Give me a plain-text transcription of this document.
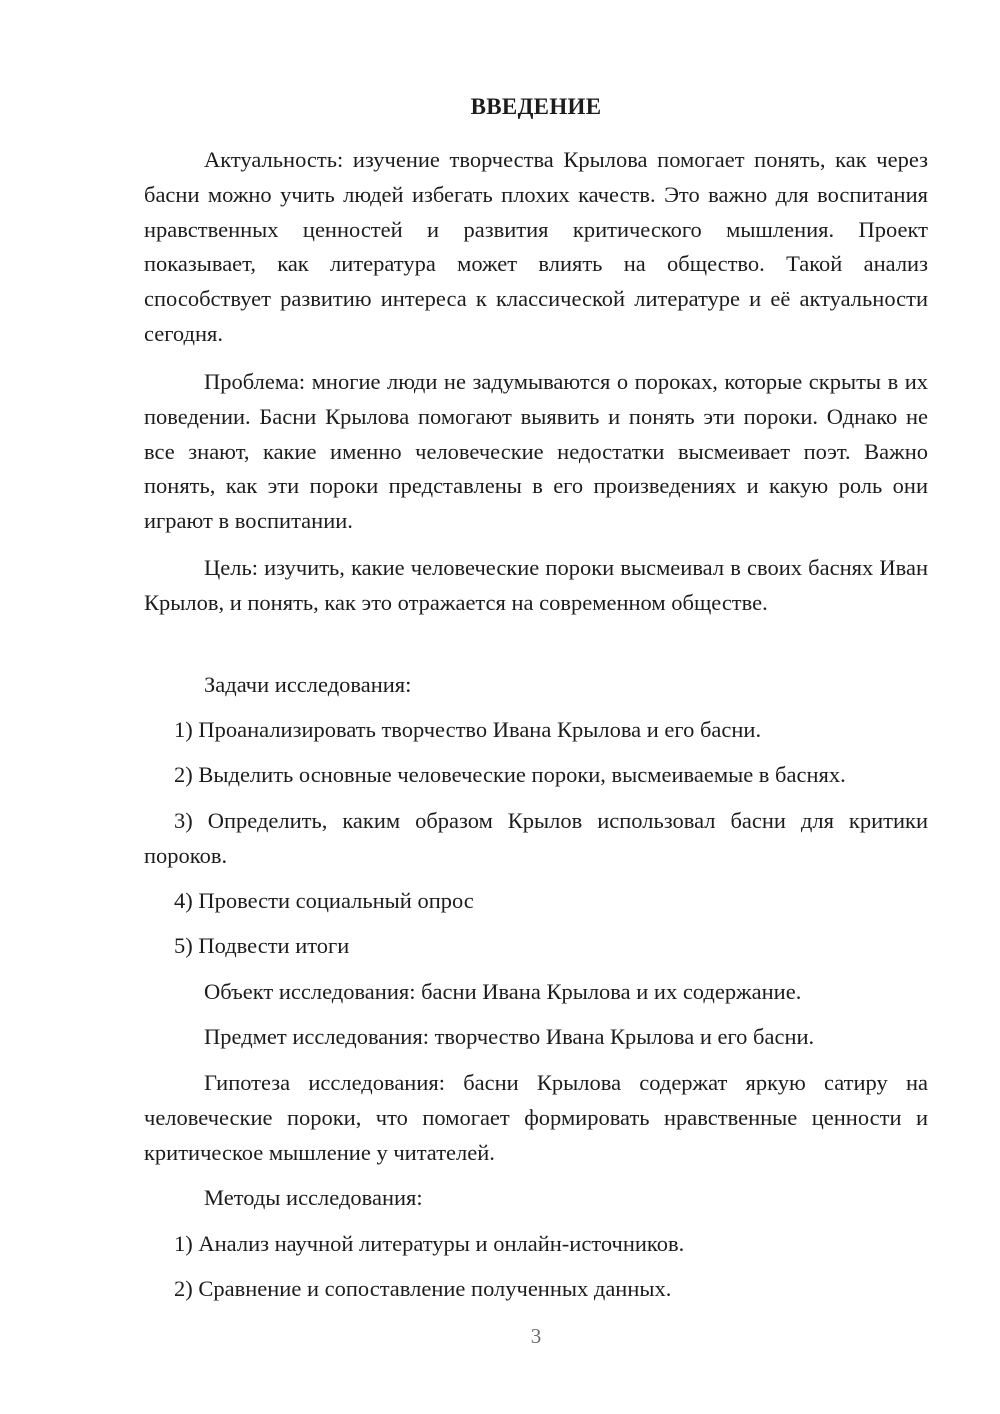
ВВЕДЕНИЕ

Актуальность: изучение творчества Крылова помогает понять, как через басни можно учить людей избегать плохих качеств. Это важно для воспитания нравственных ценностей и развития критического мышления. Проект показывает, как литература может влиять на общество. Такой анализ способствует развитию интереса к классической литературе и её актуальности сегодня.

Проблема: многие люди не задумываются о пороках, которые скрыты в их поведении. Басни Крылова помогают выявить и понять эти пороки. Однако не все знают, какие именно человеческие недостатки высмеивает поэт. Важно понять, как эти пороки представлены в его произведениях и какую роль они играют в воспитании.

Цель: изучить, какие человеческие пороки высмеивал в своих баснях Иван Крылов, и понять, как это отражается на современном обществе.

Задачи исследования:

1) Проанализировать творчество Ивана Крылова и его басни.

2) Выделить основные человеческие пороки, высмеиваемые в баснях.

3) Определить, каким образом Крылов использовал басни для критики пороков.

4) Провести социальный опрос

5) Подвести итоги

Объект исследования: басни Ивана Крылова и их содержание.

Предмет исследования: творчество Ивана Крылова и его басни.

Гипотеза исследования: басни Крылова содержат яркую сатиру на человеческие пороки, что помогает формировать нравственные ценности и критическое мышление у читателей.

Методы исследования:

1) Анализ научной литературы и онлайн-источников.

2) Сравнение и сопоставление полученных данных.

3
